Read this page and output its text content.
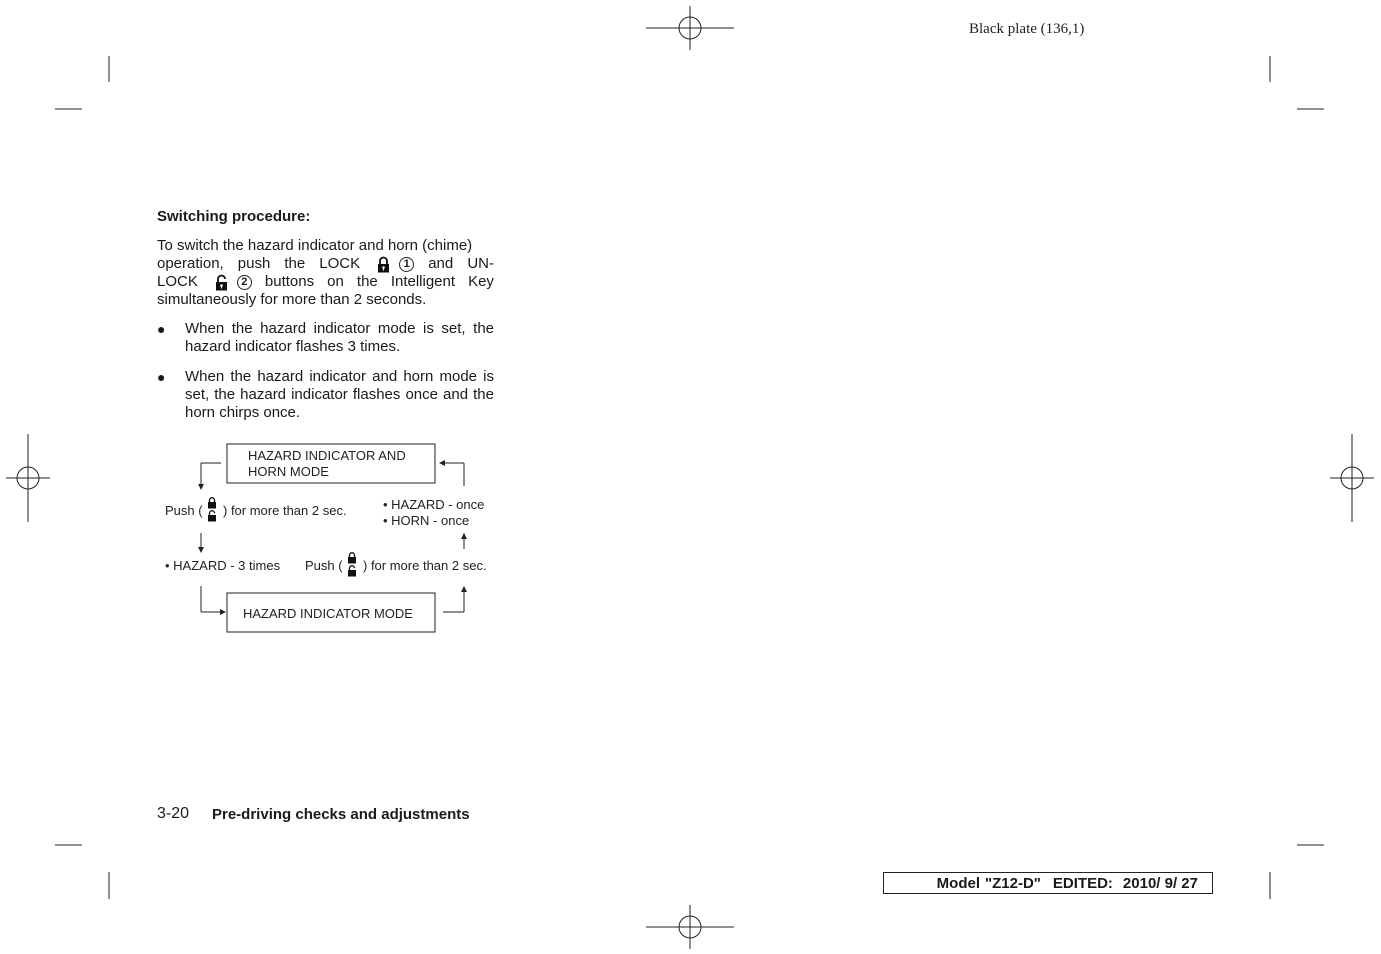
Black plate (136,1)
Switching procedure:
To switch the hazard indicator and horn (chime)
operation, push the LOCK	1 and UN-
LOCK	2 buttons on the Intelligent Key
simultaneously for more than 2 seconds.
●	When the hazard indicator mode is set, the hazard indicator flashes 3 times.
●	When the hazard indicator and horn mode is set, the hazard indicator flashes once and the horn chirps once.
HAZARD INDICATOR AND
HORN MODE
HAZARD INDICATOR MODE
Push ( ) for more than 2 sec.	• HAZARD - once
• HORN - once
• HAZARD - 3 times Push ( ) for more than 2 sec.
3-20 Pre-driving checks and adjustments
Model "Z12-D" EDITED: 2010/ 9/ 27
